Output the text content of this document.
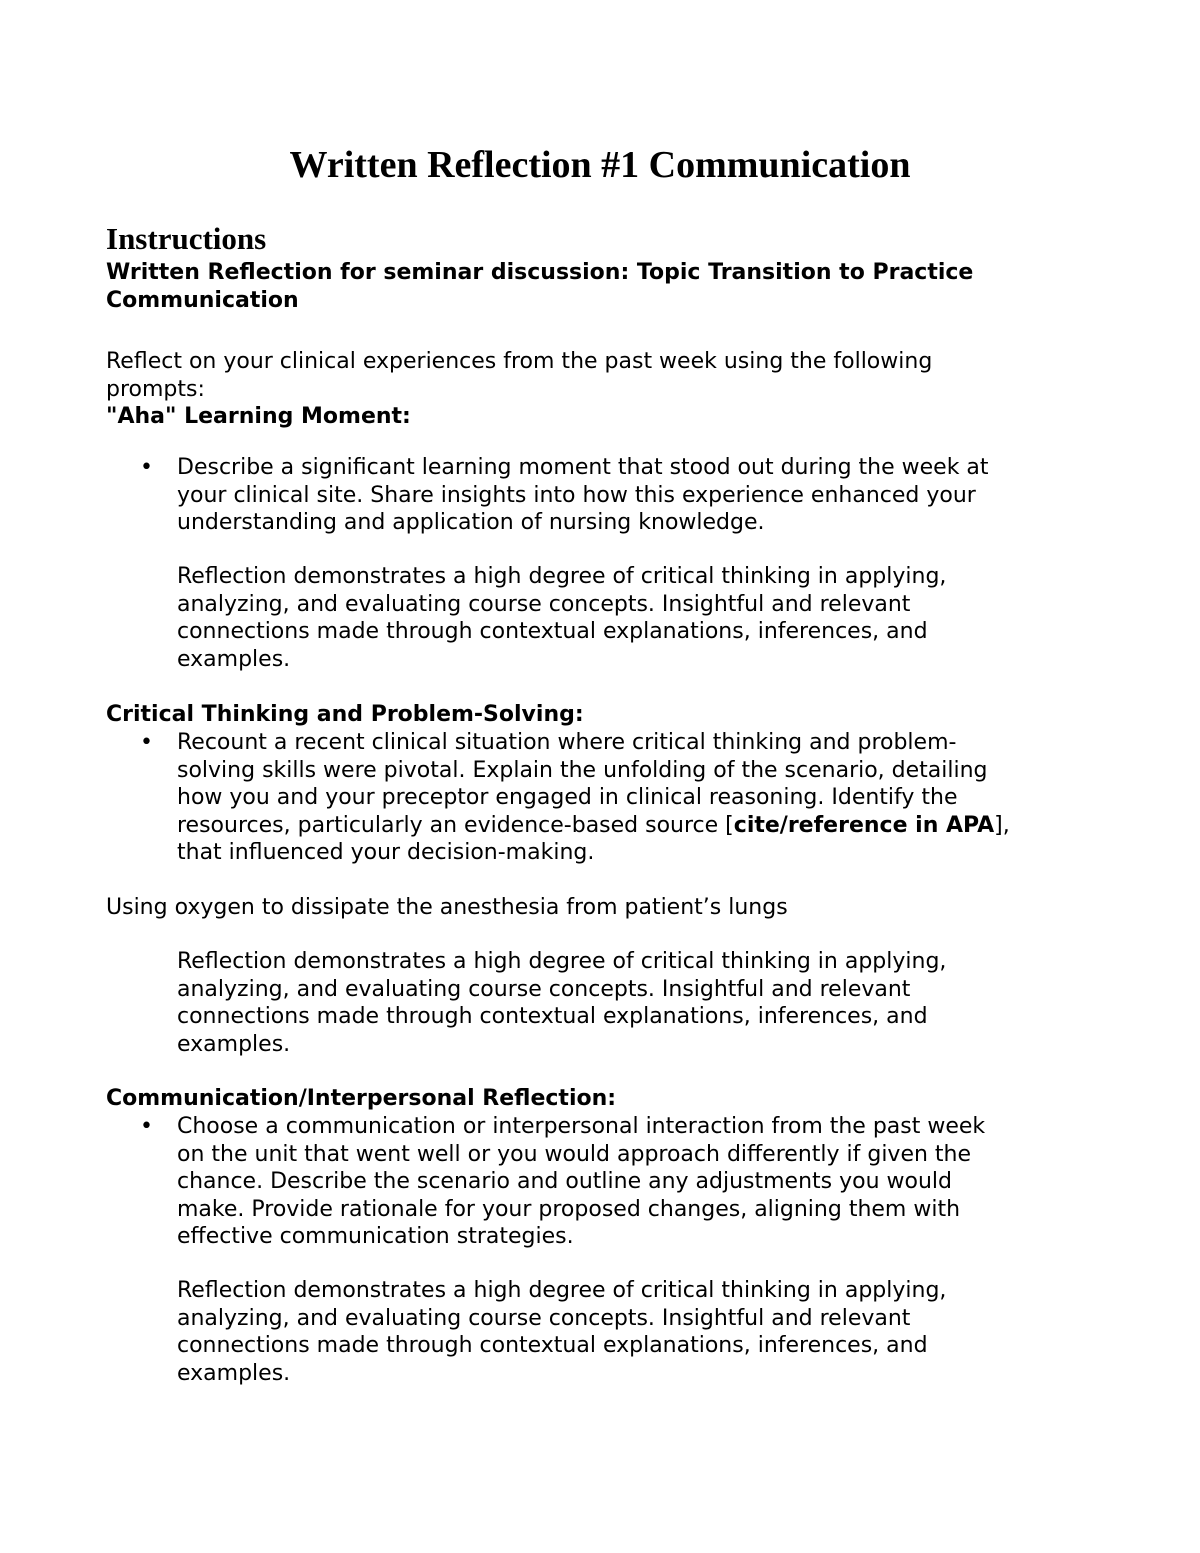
Written Reflection #1 Communication
Instructions
Written Reflection for seminar discussion: Topic Transition to Practice
Communication
Reflect on your clinical experiences from the past week using the following
prompts:
"Aha" Learning Moment:
• Describe a significant learning moment that stood out during the week at
your clinical site. Share insights into how this experience enhanced your
understanding and application of nursing knowledge.
Reflection demonstrates a high degree of critical thinking in applying,
analyzing, and evaluating course concepts. Insightful and relevant
connections made through contextual explanations, inferences, and
examples.
Critical Thinking and Problem-Solving:
• Recount a recent clinical situation where critical thinking and problem-
solving skills were pivotal. Explain the unfolding of the scenario, detailing
how you and your preceptor engaged in clinical reasoning. Identify the
resources, particularly an evidence-based source [cite/reference in APA],
that influenced your decision-making.
Using oxygen to dissipate the anesthesia from patient’s lungs
Reflection demonstrates a high degree of critical thinking in applying,
analyzing, and evaluating course concepts. Insightful and relevant
connections made through contextual explanations, inferences, and
examples.
Communication/Interpersonal Reflection:
• Choose a communication or interpersonal interaction from the past week
on the unit that went well or you would approach differently if given the
chance. Describe the scenario and outline any adjustments you would
make. Provide rationale for your proposed changes, aligning them with
effective communication strategies.
Reflection demonstrates a high degree of critical thinking in applying,
analyzing, and evaluating course concepts. Insightful and relevant
connections made through contextual explanations, inferences, and
examples.
